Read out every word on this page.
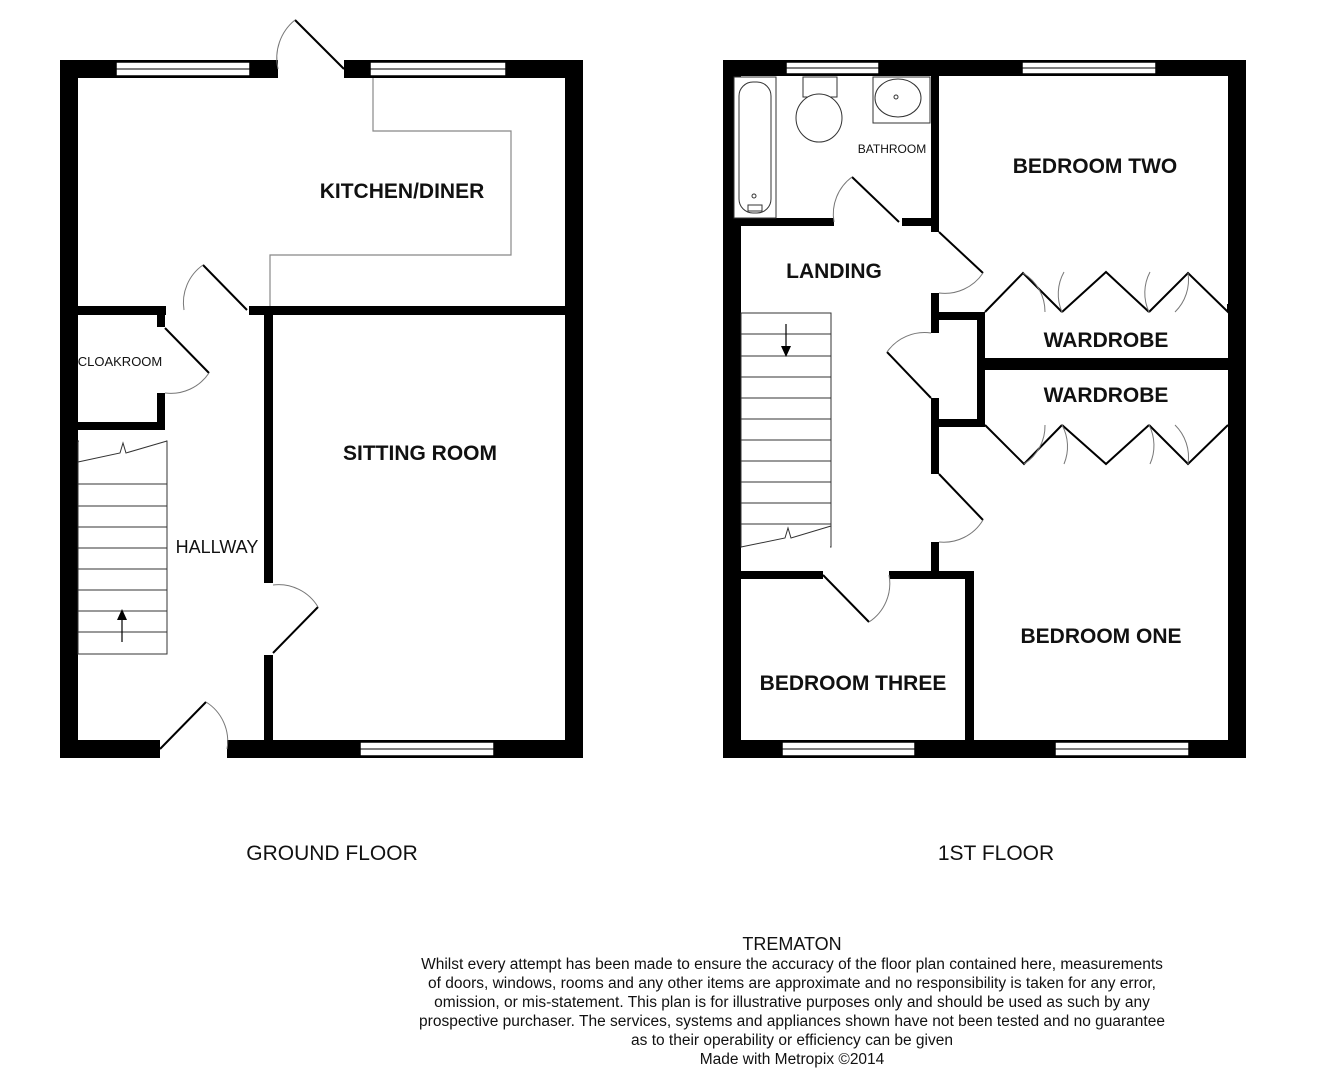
KITCHEN/DINER
CLOAKROOM
HALLWAY
SITTING ROOM
GROUND FLOOR
BATHROOM
BEDROOM TWO
LANDING
WARDROBE
WARDROBE
BEDROOM ONE
BEDROOM THREE
1ST FLOOR
TREMATON
Whilst every attempt has been made to ensure the accuracy of the floor plan contained here, measurements
of doors, windows, rooms and any other items are approximate and no responsibility is taken for any error,
omission, or mis-statement. This plan is for illustrative purposes only and should be used as such by any
prospective purchaser. The services, systems and appliances shown have not been tested and no guarantee
as to their operability or efficiency can be given
Made with Metropix ©2014
